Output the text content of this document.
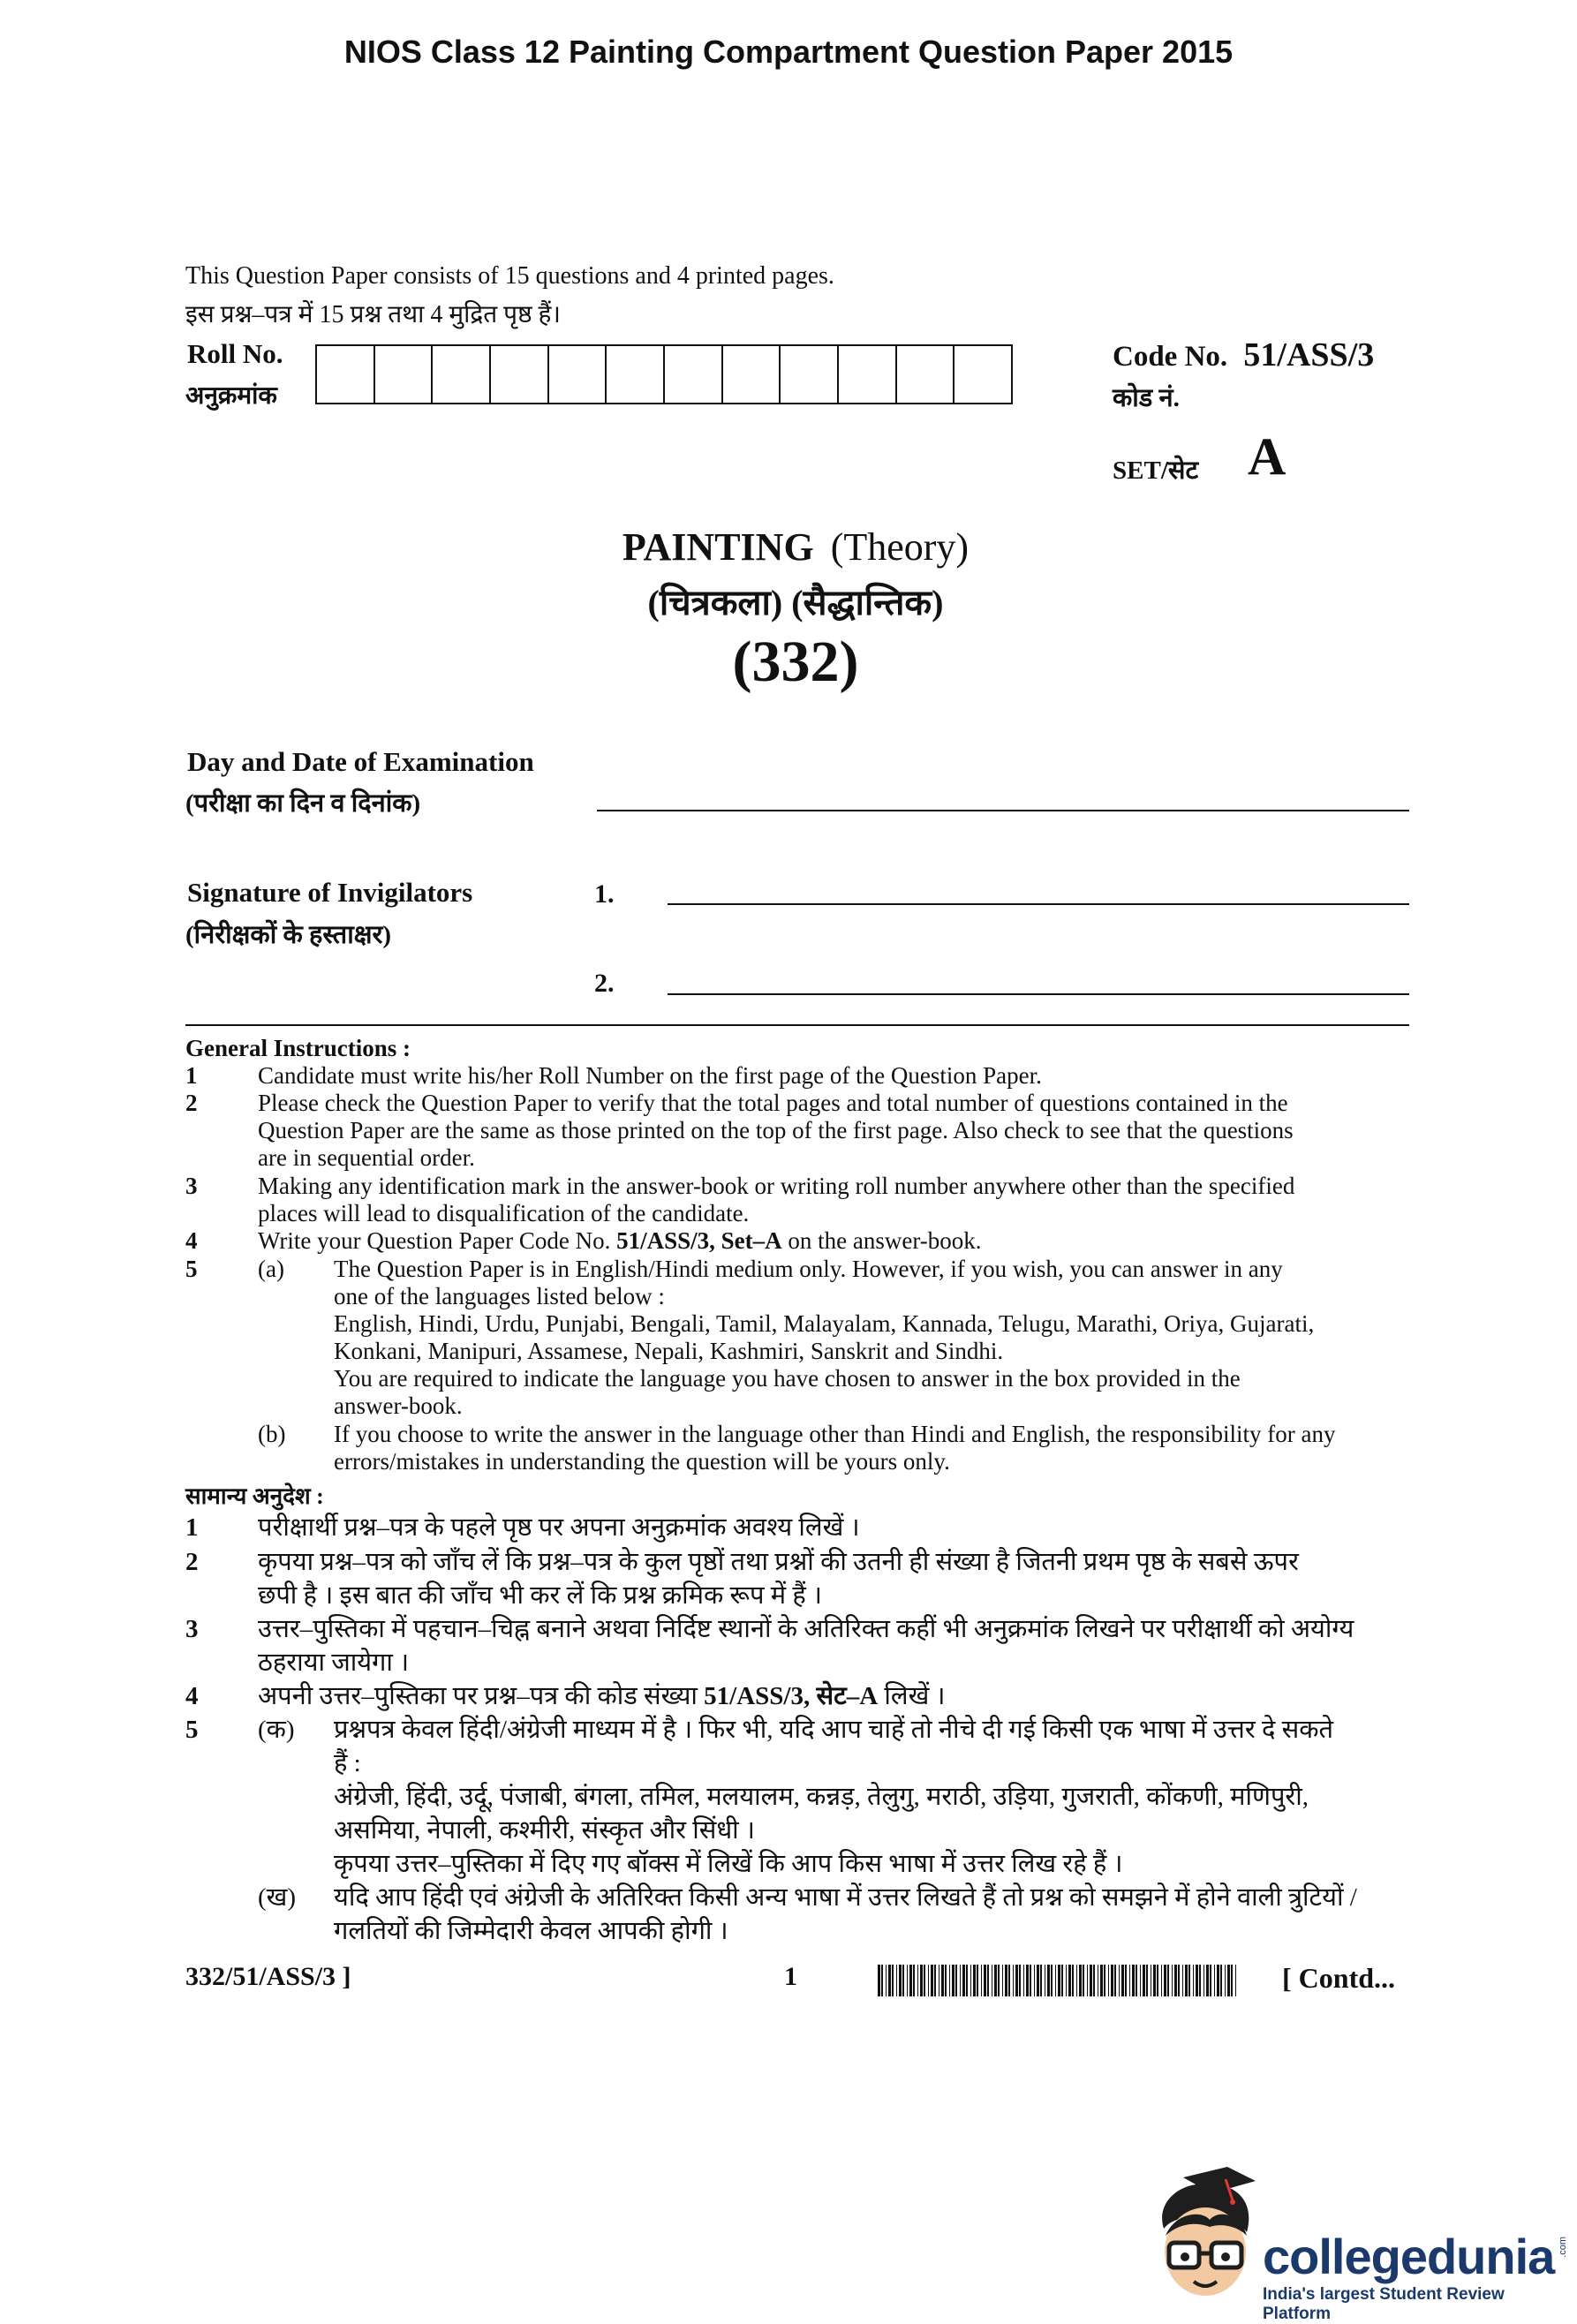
NIOS Class 12 Painting Compartment Question Paper 2015
This Question Paper consists of 15 questions and 4 printed pages.
इस प्रश्न–पत्र में 15 प्रश्न तथा 4 मुद्रित पृष्ठ हैं।
Roll No.
अनुक्रमांक
Code No. 51/ASS/3
कोड नं.
SET/सेट A
PAINTING (Theory)
(चित्रकला) (सैद्धान्तिक)
(332)
Day and Date of Examination
(परीक्षा का दिन व दिनांक)
Signature of Invigilators
(निरीक्षकों के हस्ताक्षर)
1.
2.
General Instructions :
1	Candidate must write his/her Roll Number on the first page of the Question Paper.
2	Please check the Question Paper to verify that the total pages and total number of questions contained in the
Question Paper are the same as those printed on the top of the first page. Also check to see that the questions
are in sequential order.
3	Making any identification mark in the answer-book or writing roll number anywhere other than the specified
places will lead to disqualification of the candidate.
4	Write your Question Paper Code No. 51/ASS/3, Set–A on the answer-book.
5	(a) The Question Paper is in English/Hindi medium only. However, if you wish, you can answer in any
one of the languages listed below :
English, Hindi, Urdu, Punjabi, Bengali, Tamil, Malayalam, Kannada, Telugu, Marathi, Oriya, Gujarati,
Konkani, Manipuri, Assamese, Nepali, Kashmiri, Sanskrit and Sindhi.
You are required to indicate the language you have chosen to answer in the box provided in the
answer-book.
(b) If you choose to write the answer in the language other than Hindi and English, the responsibility for any
errors/mistakes in understanding the question will be yours only.
सामान्य अनुदेश :
1 परीक्षार्थी प्रश्न–पत्र के पहले पृष्ठ पर अपना अनुक्रमांक अवश्य लिखें ।
2 कृपया प्रश्न–पत्र को जाँच लें कि प्रश्न–पत्र के कुल पृष्ठों तथा प्रश्नों की उतनी ही संख्या है जितनी प्रथम पृष्ठ के सबसे ऊपर
छपी है । इस बात की जाँच भी कर लें कि प्रश्न क्रमिक रूप में हैं ।
3 उत्तर–पुस्तिका में पहचान–चिह्न बनाने अथवा निर्दिष्ट स्थानों के अतिरिक्त कहीं भी अनुक्रमांक लिखने पर परीक्षार्थी को अयोग्य
ठहराया जायेगा ।
4 अपनी उत्तर–पुस्तिका पर प्रश्न–पत्र की कोड संख्या 51/ASS/3, सेट–A लिखें ।
5 (क) प्रश्नपत्र केवल हिंदी/अंग्रेजी माध्यम में है । फिर भी, यदि आप चाहें तो नीचे दी गई किसी एक भाषा में उत्तर दे सकते
हैं :
अंग्रेजी, हिंदी, उर्दू, पंजाबी, बंगला, तमिल, मलयालम, कन्नड़, तेलुगु, मराठी, उड़िया, गुजराती, कोंकणी, मणिपुरी,
असमिया, नेपाली, कश्मीरी, संस्कृत और सिंधी ।
कृपया उत्तर–पुस्तिका में दिए गए बॉक्स में लिखें कि आप किस भाषा में उत्तर लिख रहे हैं ।
(ख) यदि आप हिंदी एवं अंग्रेजी के अतिरिक्त किसी अन्य भाषा में उत्तर लिखते हैं तो प्रश्न को समझने में होने वाली त्रुटियों /
गलतियों की जिम्मेदारी केवल आपकी होगी ।
332/51/ASS/3 ]	1	[ Contd...
collegedunia .com
India's largest Student Review Platform
